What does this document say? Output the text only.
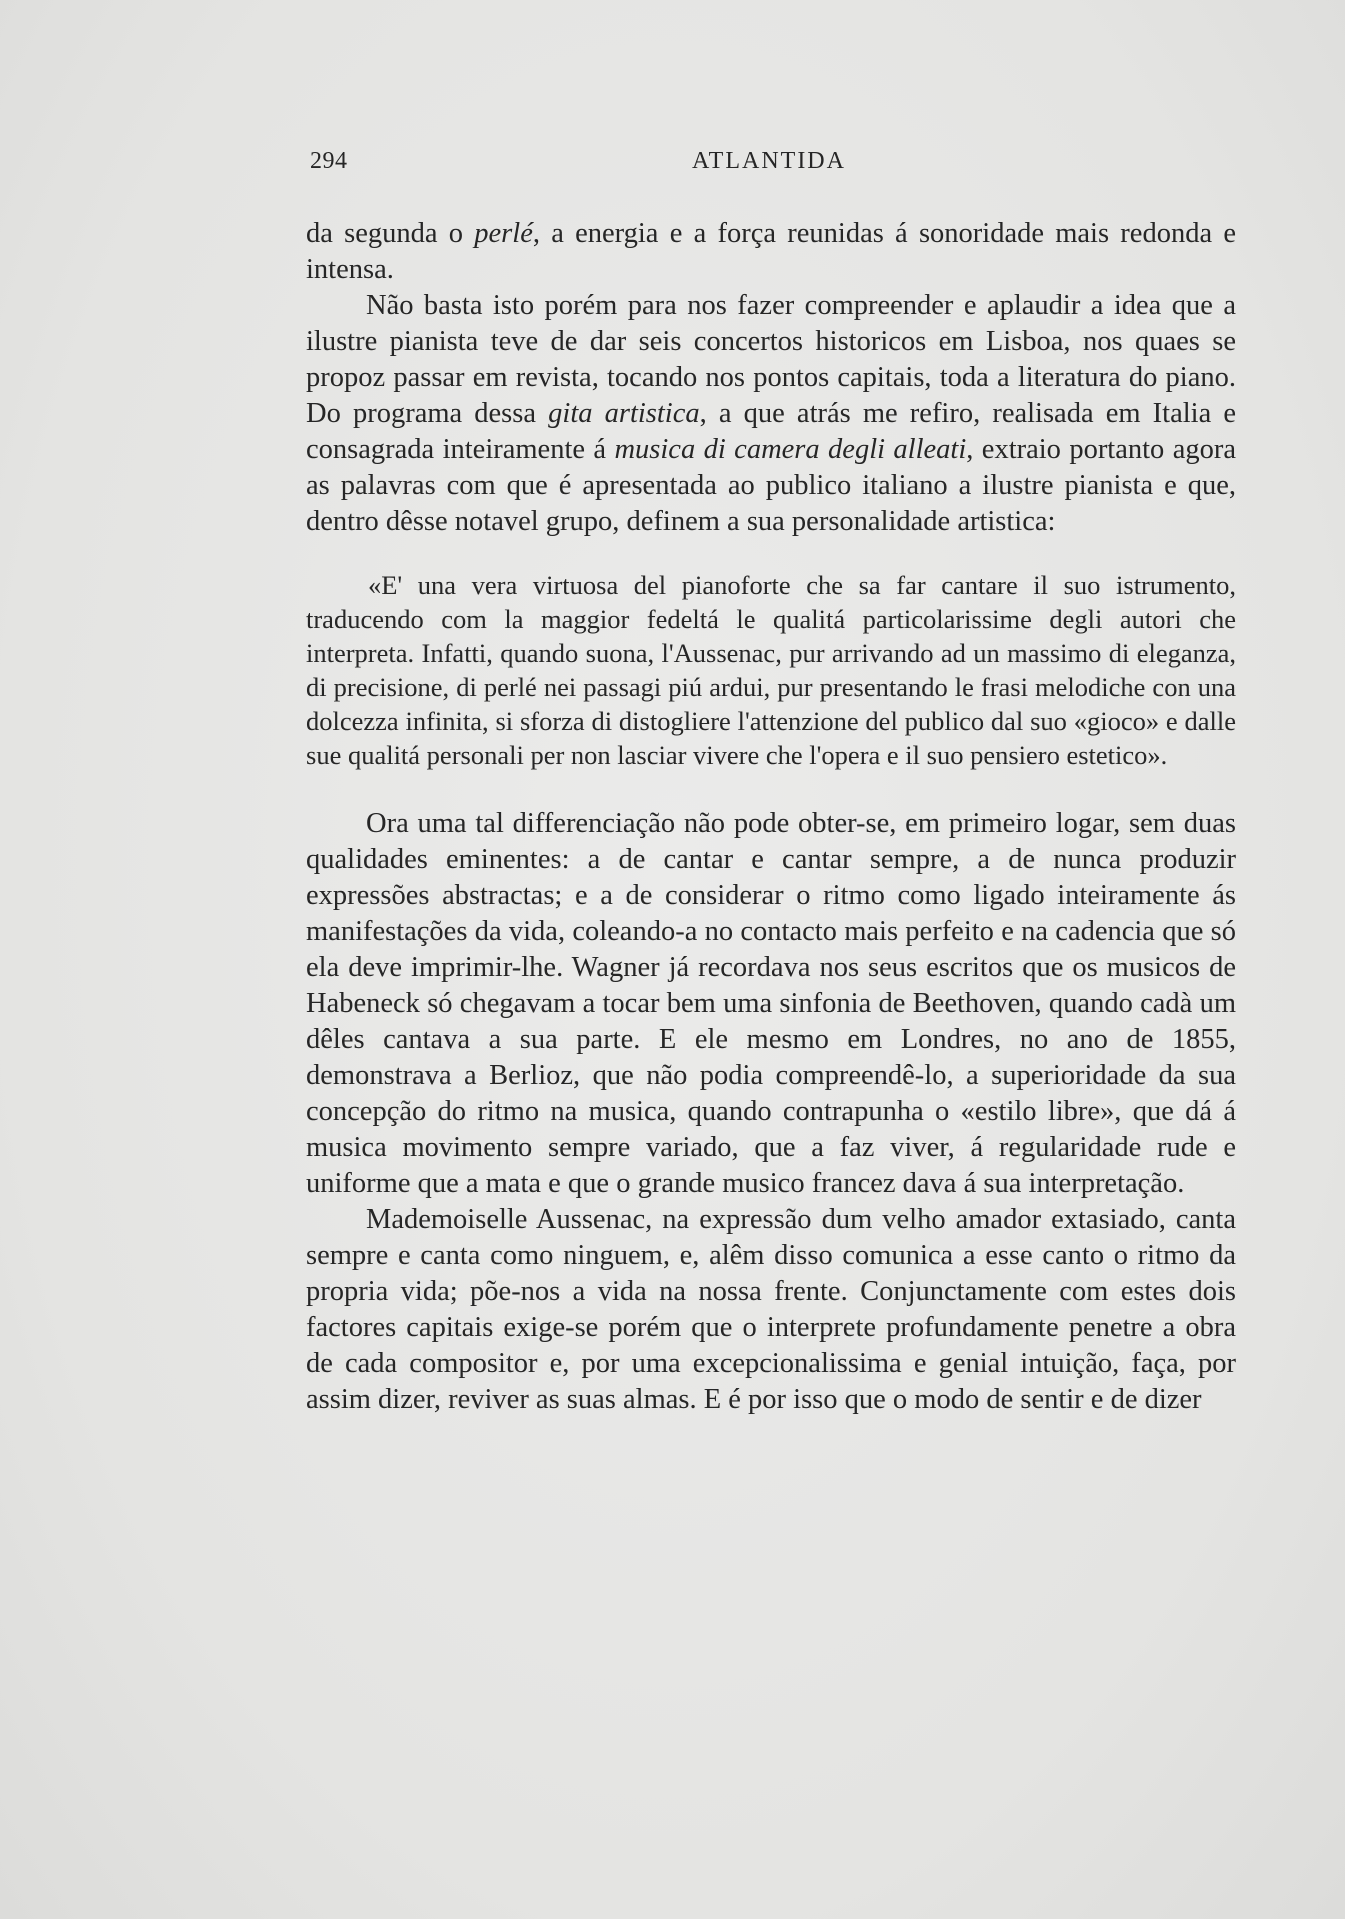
294	ATLANTIDA

da segunda o perlé, a energia e a força reunidas á sonoridade mais redonda e intensa.

Não basta isto porém para nos fazer compreender e aplaudir a idea que a ilustre pianista teve de dar seis concertos historicos em Lisboa, nos quaes se propoz passar em revista, tocando nos pontos capitais, toda a literatura do piano. Do programa dessa gita artistica, a que atrás me refiro, realisada em Italia e consagrada inteiramente á musica di camera degli alleati, extraio portanto agora as palavras com que é apresentada ao publico italiano a ilustre pianista e que, dentro dêsse notavel grupo, definem a sua personalidade artistica:

«E' una vera virtuosa del pianoforte che sa far cantare il suo istrumento, traducendo com la maggior fedeltá le qualitá particolarissime degli autori che interpreta. Infatti, quando suona, l'Aussenac, pur arrivando ad un massimo di eleganza, di precisione, di perlé nei passagi piú ardui, pur presentando le frasi melodiche con una dolcezza infinita, si sforza di distogliere l'attenzione del publico dal suo «gioco» e dalle sue qualitá personali per non lasciar vivere che l'opera e il suo pensiero estetico».

Ora uma tal differenciação não pode obter-se, em primeiro logar, sem duas qualidades eminentes: a de cantar e cantar sempre, a de nunca produzir expressões abstractas; e a de considerar o ritmo como ligado inteiramente ás manifestações da vida, coleando-a no contacto mais perfeito e na cadencia que só ela deve imprimir-lhe. Wagner já recordava nos seus escritos que os musicos de Habeneck só chegavam a tocar bem uma sinfonia de Beethoven, quando cadà um dêles cantava a sua parte. E ele mesmo em Londres, no ano de 1855, demonstrava a Berlioz, que não podia compreendê-lo, a superioridade da sua concepção do ritmo na musica, quando contrapunha o «estilo libre», que dá á musica movimento sempre variado, que a faz viver, á regularidade rude e uniforme que a mata e que o grande musico francez dava á sua interpretação.

Mademoiselle Aussenac, na expressão dum velho amador extasiado, canta sempre e canta como ninguem, e, alêm disso comunica a esse canto o ritmo da propria vida; põe-nos a vida na nossa frente. Conjunctamente com estes dois factores capitais exige-se porém que o interprete profundamente penetre a obra de cada compositor e, por uma excepcionalissima e genial intuição, faça, por assim dizer, reviver as suas almas. E é por isso que o modo de sentir e de dizer
